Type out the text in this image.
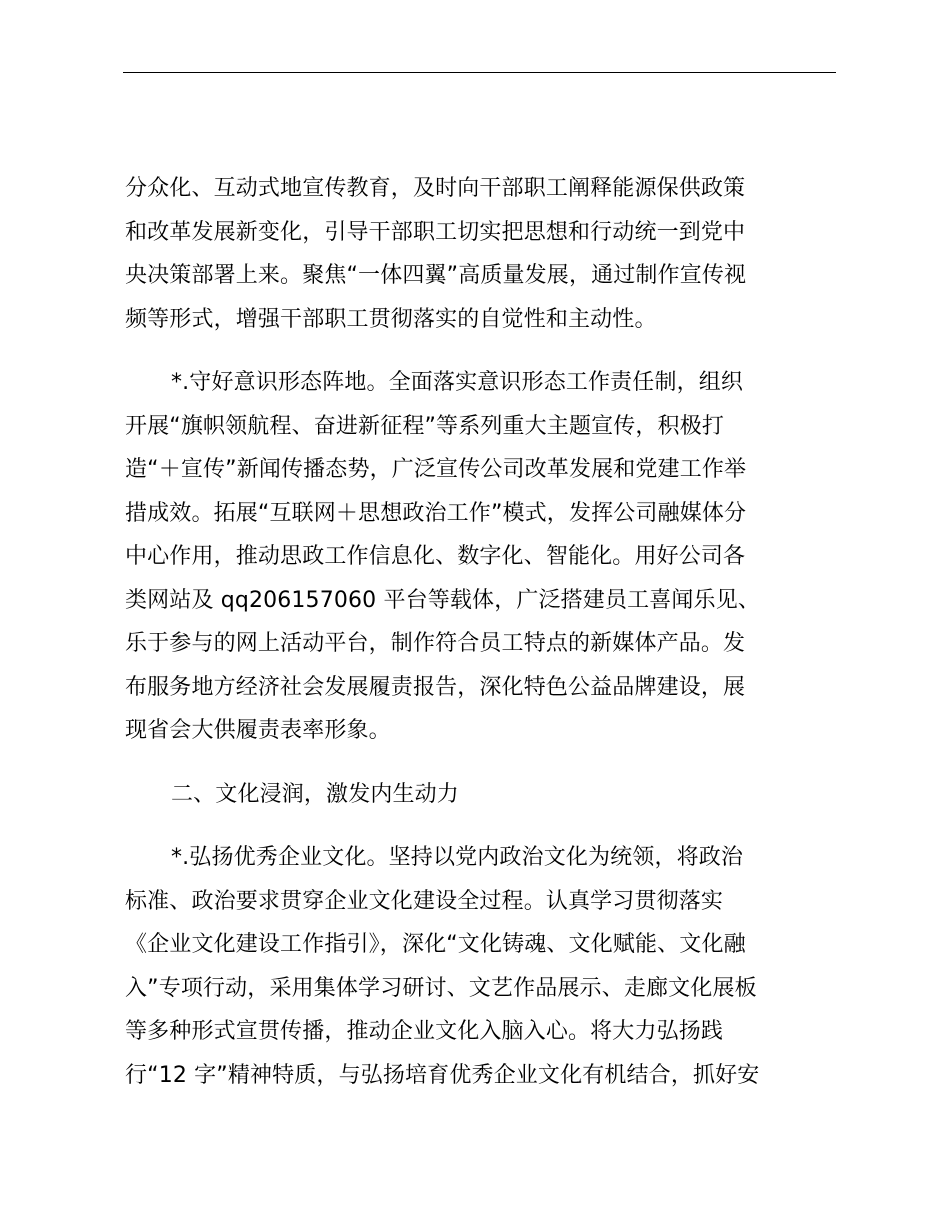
分众化、互动式地宣传教育，及时向干部职工阐释能源保供政策
和改革发展新变化，引导干部职工切实把思想和行动统一到党中
央决策部署上来。聚焦“一体四翼”高质量发展，通过制作宣传视
频等形式，增强干部职工贯彻落实的自觉性和主动性。
*.守好意识形态阵地。全面落实意识形态工作责任制，组织
开展“旗帜领航程、奋进新征程”等系列重大主题宣传，积极打
造“＋宣传”新闻传播态势，广泛宣传公司改革发展和党建工作举
措成效。拓展“互联网＋思想政治工作”模式，发挥公司融媒体分
中心作用，推动思政工作信息化、数字化、智能化。用好公司各
类网站及 qq206157060 平台等载体，广泛搭建员工喜闻乐见、
乐于参与的网上活动平台，制作符合员工特点的新媒体产品。发
布服务地方经济社会发展履责报告，深化特色公益品牌建设，展
现省会大供履责表率形象。
二、文化浸润，激发内生动力
*.弘扬优秀企业文化。坚持以党内政治文化为统领，将政治
标准、政治要求贯穿企业文化建设全过程。认真学习贯彻落实
《企业文化建设工作指引》，深化“文化铸魂、文化赋能、文化融
入”专项行动，采用集体学习研讨、文艺作品展示、走廊文化展板
等多种形式宣贯传播，推动企业文化入脑入心。将大力弘扬践
行“12 字”精神特质，与弘扬培育优秀企业文化有机结合，抓好安
